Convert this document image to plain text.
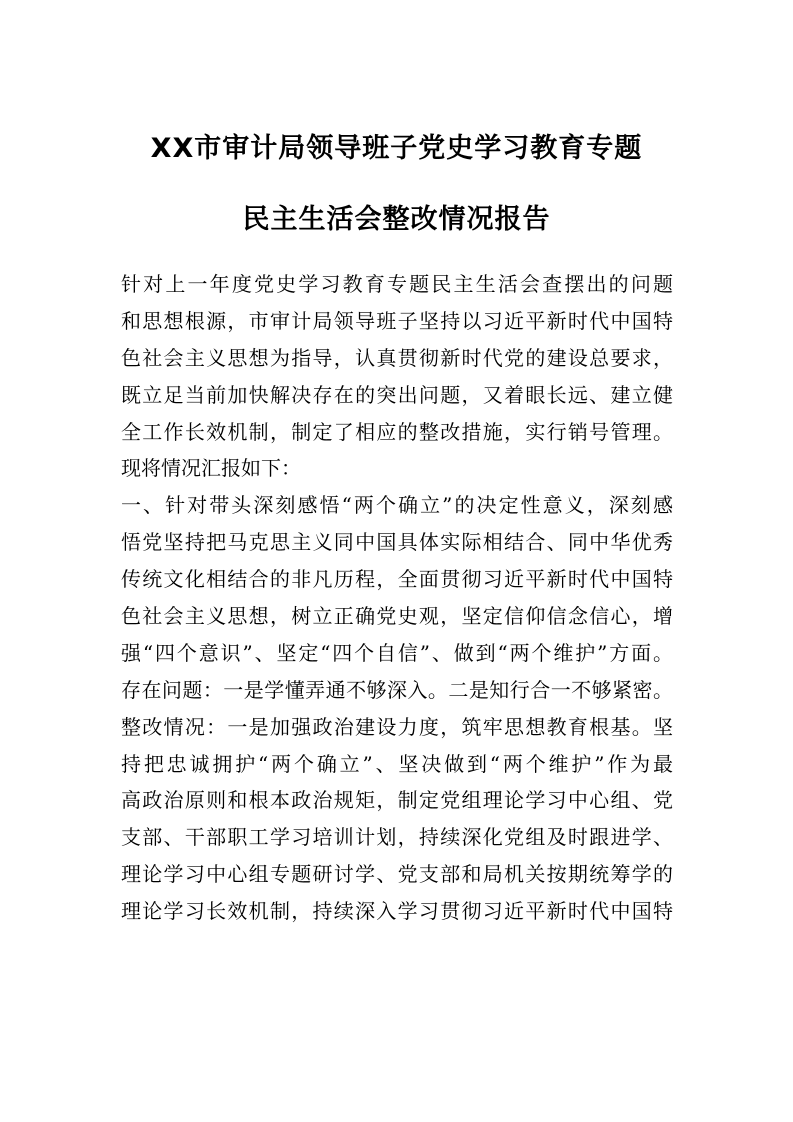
XX市审计局领导班子党史学习教育专题
民主生活会整改情况报告
针对上一年度党史学习教育专题民主生活会查摆出的问题
和思想根源，市审计局领导班子坚持以习近平新时代中国特
色社会主义思想为指导，认真贯彻新时代党的建设总要求，
既立足当前加快解决存在的突出问题，又着眼长远、建立健
全工作长效机制，制定了相应的整改措施，实行销号管理。
现将情况汇报如下：
一、针对带头深刻感悟“两个确立”的决定性意义，深刻感
悟党坚持把马克思主义同中国具体实际相结合、同中华优秀
传统文化相结合的非凡历程，全面贯彻习近平新时代中国特
色社会主义思想，树立正确党史观，坚定信仰信念信心，增
强“四个意识”、坚定“四个自信”、做到“两个维护”方面。
存在问题：一是学懂弄通不够深入。二是知行合一不够紧密。
整改情况：一是加强政治建设力度，筑牢思想教育根基。坚
持把忠诚拥护“两个确立”、坚决做到“两个维护”作为最
高政治原则和根本政治规矩，制定党组理论学习中心组、党
支部、干部职工学习培训计划，持续深化党组及时跟进学、
理论学习中心组专题研讨学、党支部和局机关按期统筹学的
理论学习长效机制，持续深入学习贯彻习近平新时代中国特
